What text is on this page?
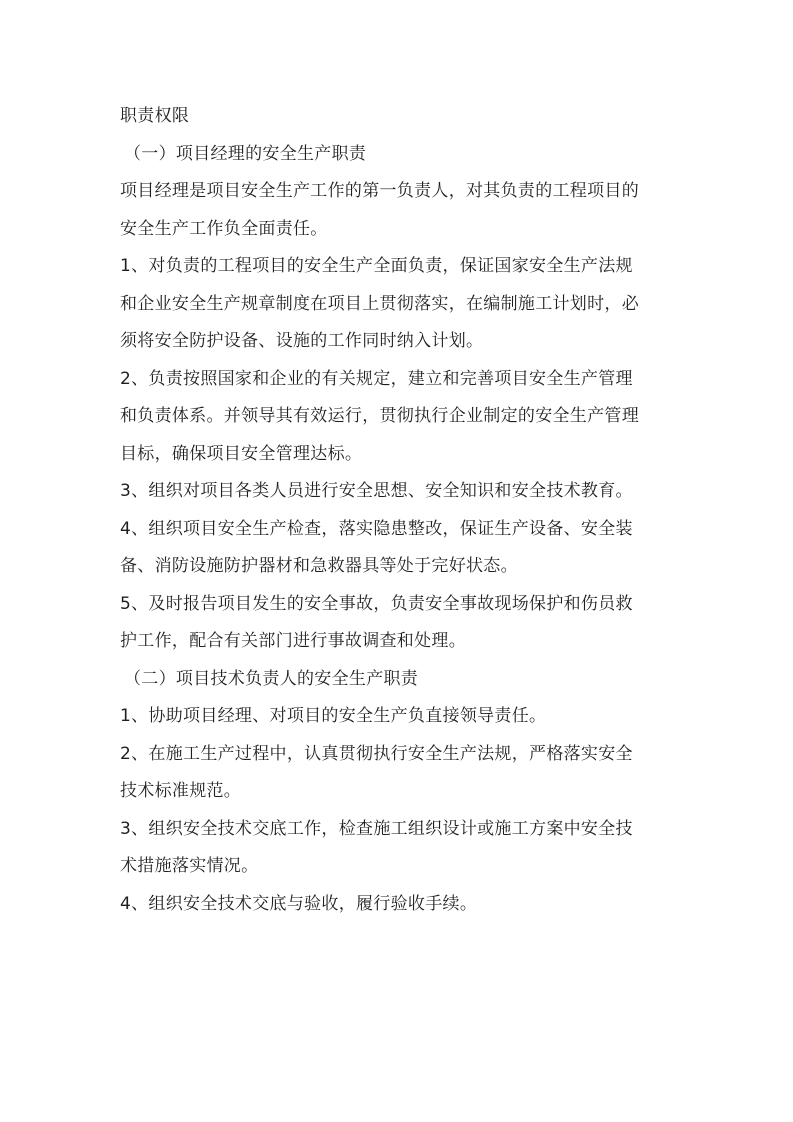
职责权限
（一）项目经理的安全生产职责
项目经理是项目安全生产工作的第一负责人，对其负责的工程项目的
安全生产工作负全面责任。
1、对负责的工程项目的安全生产全面负责，保证国家安全生产法规
和企业安全生产规章制度在项目上贯彻落实，在编制施工计划时，必
须将安全防护设备、设施的工作同时纳入计划。
2、负责按照国家和企业的有关规定，建立和完善项目安全生产管理
和负责体系。并领导其有效运行，贯彻执行企业制定的安全生产管理
目标，确保项目安全管理达标。
3、组织对项目各类人员进行安全思想、安全知识和安全技术教育。
4、组织项目安全生产检查，落实隐患整改，保证生产设备、安全装
备、消防设施防护器材和急救器具等处于完好状态。
5、及时报告项目发生的安全事故，负责安全事故现场保护和伤员救
护工作，配合有关部门进行事故调查和处理。
（二）项目技术负责人的安全生产职责
1、协助项目经理、对项目的安全生产负直接领导责任。
2、在施工生产过程中，认真贯彻执行安全生产法规，严格落实安全
技术标准规范。
3、组织安全技术交底工作，检查施工组织设计或施工方案中安全技
术措施落实情况。
4、组织安全技术交底与验收，履行验收手续。
